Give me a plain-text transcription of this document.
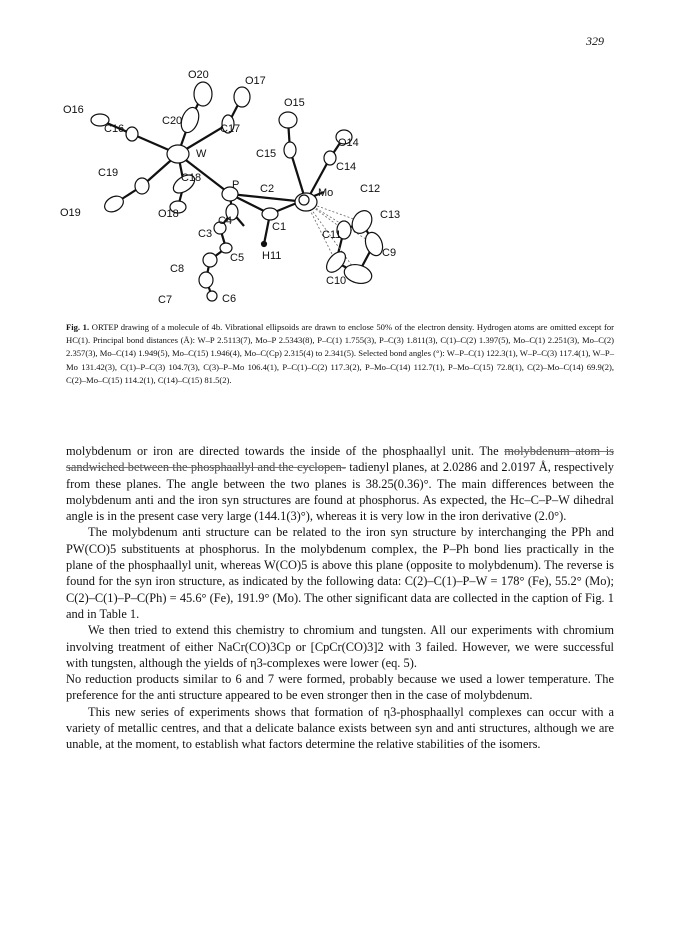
329
O20	O17
O16
O15
C16
C20
C17
O14
C15
C14
W
C19	C18
P C2	Mo C12
O19	O18
C4
C3
C1
C13
C11
C9
H11
C8
C5
C10
C7	C6
Fig. 1. ORTEP drawing of a molecule of 4b. Vibrational ellipsoids are drawn to enclose 50% of the electron density. Hydrogen atoms are omitted except for HC(1). Principal bond distances (Å): W–P 2.5113(7), Mo–P 2.5343(8), P–C(1) 1.755(3), P–C(3) 1.811(3), C(1)–C(2) 1.397(5), Mo–C(1) 2.251(3), Mo–C(2) 2.357(3), Mo–C(14) 1.949(5), Mo–C(15) 1.946(4), Mo–C(Cp) 2.315(4) to 2.341(5). Selected bond angles (°): W–P–C(1) 122.3(1), W–P–C(3) 117.4(1), W–P–Mo 131.42(3), C(1)–P–C(3) 104.7(3), C(3)–P–Mo 106.4(1), P–C(1)–C(2) 117.3(2), P–Mo–C(14) 112.7(1), P–Mo–C(15) 72.8(1), C(2)–Mo–C(14) 69.9(2), C(2)–Mo–C(15) 114.2(1), C(14)–C(15) 81.5(2).

molybdenum or iron are directed towards the inside of the phosphaallyl unit. The molybdenum atom is sandwiched between the phosphaallyl and the cyclopen- tadienyl planes, at 2.0286 and 2.0197 Å, respectively from these planes. The angle between the two planes is 38.25(0.36)°. The main differences between the molybdenum anti and the iron syn structures are found at phosphorus. As expected, the Hc–C–P–W dihedral angle is in the present case very large (144.1(3)°), whereas it is very low in the iron derivative (2.0°).

The molybdenum anti structure can be related to the iron syn structure by interchanging the PPh and PW(CO)5 substituents at phosphorus. In the molybdenum complex, the P–Ph bond lies practically in the plane of the phosphaallyl unit, whereas W(CO)5 is above this plane (opposite to molybdenum). The reverse is found for the syn iron structure, as indicated by the following data: C(2)–C(1)–P–W = 178° (Fe), 55.2° (Mo); C(2)–C(1)–P–C(Ph) = 45.6° (Fe), 191.9° (Mo). The other significant data are collected in the caption of Fig. 1 and in Table 1.

We then tried to extend this chemistry to chromium and tungsten. All our experiments with chromium involving treatment of either NaCr(CO)3Cp or [CpCr(CO)3]2 with 3 failed. However, we were successful with tungsten, although the yields of η3-complexes were lower (eq. 5).

No reduction products similar to 6 and 7 were formed, probably because we used a lower temperature. The preference for the anti structure appeared to be even stronger then in the case of molybdenum.

This new series of experiments shows that formation of η3-phosphaallyl complexes can occur with a variety of metallic centres, and that a delicate balance exists between syn and anti structures, although we are unable, at the moment, to establish what factors determine the relative stabilities of the isomers.
